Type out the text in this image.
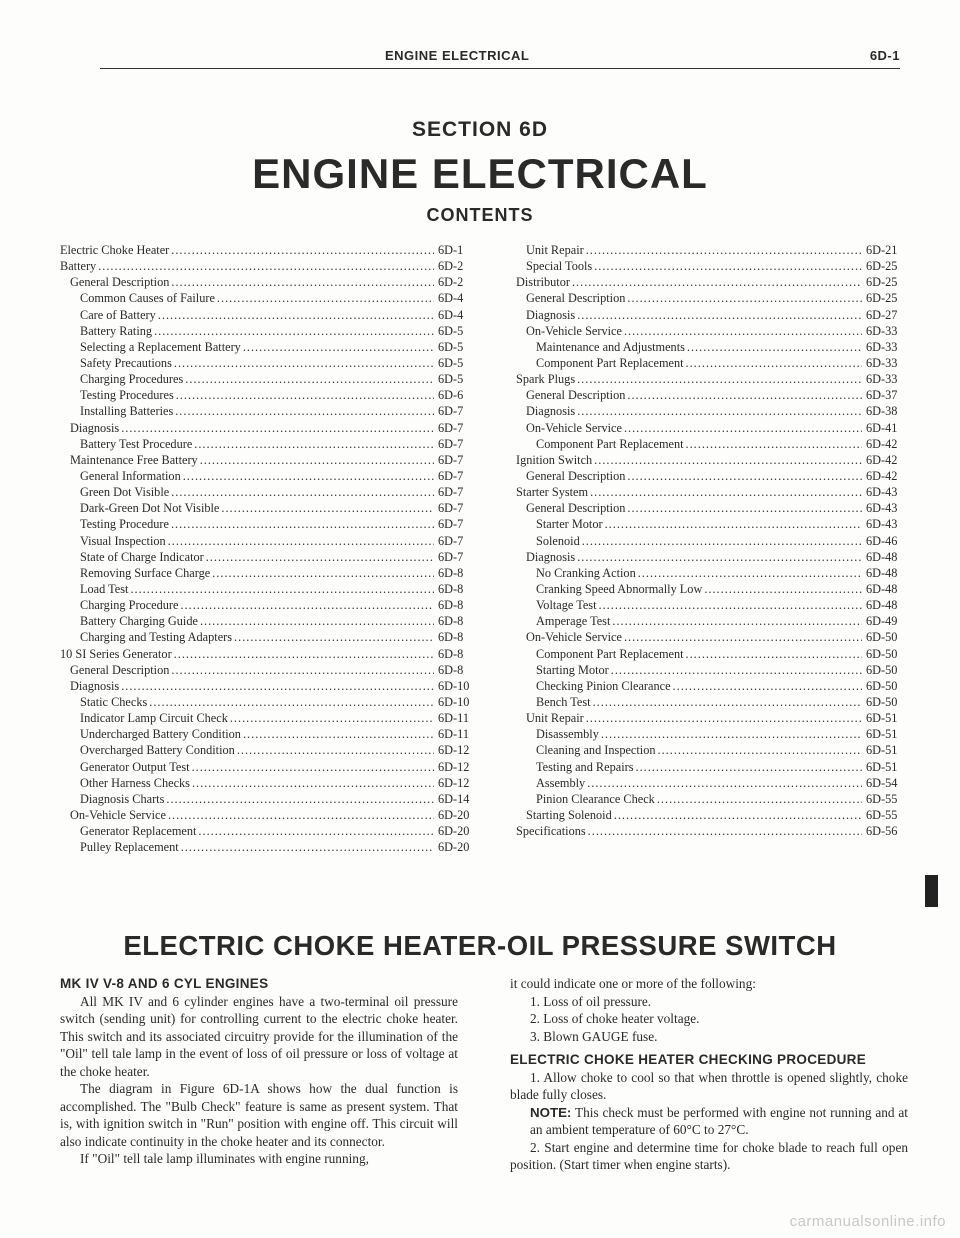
ENGINE ELECTRICAL	6D-1
SECTION 6D
ENGINE ELECTRICAL
CONTENTS
Electric Choke Heater .....	6D-1
Battery .....	6D-2
General Description .....	6D-2
Common Causes of Failure .....	6D-4
Care of Battery .....	6D-4
Battery Rating .....	6D-5
Selecting a Replacement Battery .....	6D-5
Safety Precautions .....	6D-5
Charging Procedures .....	6D-5
Testing Procedures .....	6D-6
Installing Batteries .....	6D-7
Diagnosis .....	6D-7
Battery Test Procedure .....	6D-7
Maintenance Free Battery .....	6D-7
General Information .....	6D-7
Green Dot Visible .....	6D-7
Dark-Green Dot Not Visible .....	6D-7
Testing Procedure .....	6D-7
Visual Inspection .....	6D-7
State of Charge Indicator .....	6D-7
Removing Surface Charge .....	6D-8
Load Test .....	6D-8
Charging Procedure .....	6D-8
Battery Charging Guide .....	6D-8
Charging and Testing Adapters .....	6D-8
10 SI Series Generator .....	6D-8
General Description .....	6D-8
Diagnosis .....	6D-10
Static Checks .....	6D-10
Indicator Lamp Circuit Check .....	6D-11
Undercharged Battery Condition .....	6D-11
Overcharged Battery Condition .....	6D-12
Generator Output Test .....	6D-12
Other Harness Checks .....	6D-12
Diagnosis Charts .....	6D-14
On-Vehicle Service .....	6D-20
Generator Replacement .....	6D-20
Pulley Replacement .....	6D-20
Unit Repair .....	6D-21
Special Tools .....	6D-25
Distributor .....	6D-25
General Description .....	6D-25
Diagnosis .....	6D-27
On-Vehicle Service .....	6D-33
Maintenance and Adjustments .....	6D-33
Component Part Replacement .....	6D-33
Spark Plugs .....	6D-33
General Description .....	6D-37
Diagnosis .....	6D-38
On-Vehicle Service .....	6D-41
Component Part Replacement .....	6D-42
Ignition Switch .....	6D-42
General Description .....	6D-42
Starter System .....	6D-43
General Description .....	6D-43
Starter Motor .....	6D-43
Solenoid .....	6D-46
Diagnosis .....	6D-48
No Cranking Action .....	6D-48
Cranking Speed Abnormally Low .....	6D-48
Voltage Test .....	6D-48
Amperage Test .....	6D-49
On-Vehicle Service .....	6D-50
Component Part Replacement .....	6D-50
Starting Motor .....	6D-50
Checking Pinion Clearance .....	6D-50
Bench Test .....	6D-50
Unit Repair .....	6D-51
Disassembly .....	6D-51
Cleaning and Inspection .....	6D-51
Testing and Repairs .....	6D-51
Assembly .....	6D-54
Pinion Clearance Check .....	6D-55
Starting Solenoid .....	6D-55
Specifications .....	6D-56
ELECTRIC CHOKE HEATER-OIL PRESSURE SWITCH

MK IV V-8 AND 6 CYL ENGINES

All MK IV and 6 cylinder engines have a two-terminal oil pressure switch (sending unit) for controlling current to the electric choke heater. This switch and its associated circuitry provide for the illumination of the "Oil" tell tale lamp in the event of loss of oil pressure or loss of voltage at the choke heater.

The diagram in Figure 6D-1A shows how the dual function is accomplished. The "Bulb Check" feature is same as present system. That is, with ignition switch in "Run" position with engine off. This circuit will also indicate continuity in the choke heater and its connector.

If "Oil" tell tale lamp illuminates with engine running,

it could indicate one or more of the following:

1. Loss of oil pressure.

2. Loss of choke heater voltage.

3. Blown GAUGE fuse.

ELECTRIC CHOKE HEATER CHECKING PROCEDURE

1. Allow choke to cool so that when throttle is opened slightly, choke blade fully closes.

NOTE: This check must be performed with engine not running and at an ambient temperature of 60°C to 27°C.

2. Start engine and determine time for choke blade to reach full open position. (Start timer when engine starts).

carmanualsonline.info
